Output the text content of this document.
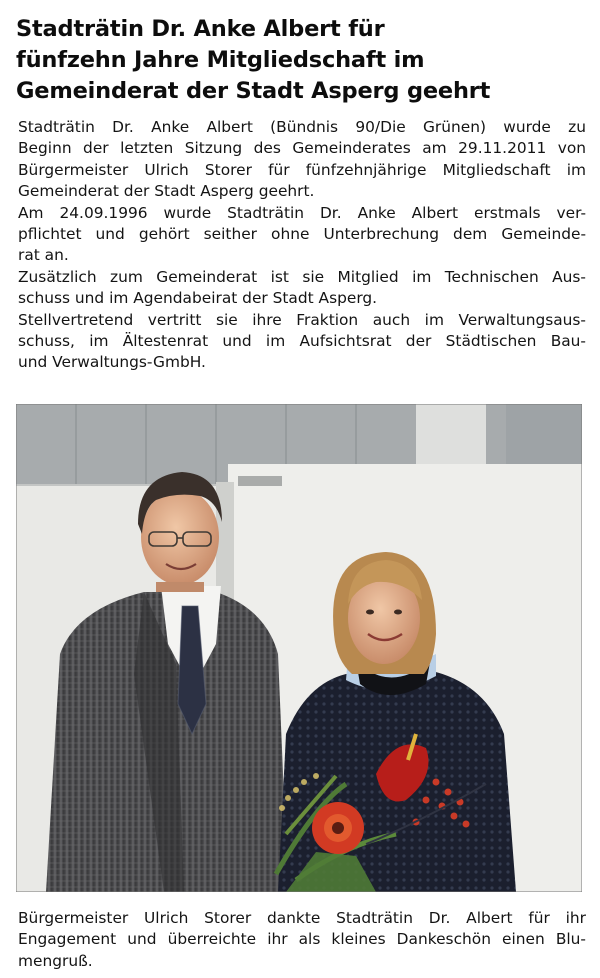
Stadträtin Dr. Anke Albert für
fünfzehn Jahre Mitgliedschaft im
Gemeinderat der Stadt Asperg geehrt
Stadträtin Dr. Anke Albert (Bündnis 90/Die Grünen) wurde zu
Beginn der letzten Sitzung des Gemeinderates am 29.11.2011 von
Bürgermeister Ulrich Storer für fünfzehnjährige Mitgliedschaft im
Gemeinderat der Stadt Asperg geehrt.
Am 24.09.1996 wurde Stadträtin Dr. Anke Albert erstmals ver-
pflichtet und gehört seither ohne Unterbrechung dem Gemeinde-
rat an.
Zusätzlich zum Gemeinderat ist sie Mitglied im Technischen Aus-
schuss und im Agendabeirat der Stadt Asperg.
Stellvertretend vertritt sie ihre Fraktion auch im Verwaltungsaus-
schuss, im Ältestenrat und im Aufsichtsrat der Städtischen Bau-
und Verwaltungs-GmbH.
Bürgermeister Ulrich Storer dankte Stadträtin Dr. Albert für ihr
Engagement und überreichte ihr als kleines Dankeschön einen Blu-
mengruß.
